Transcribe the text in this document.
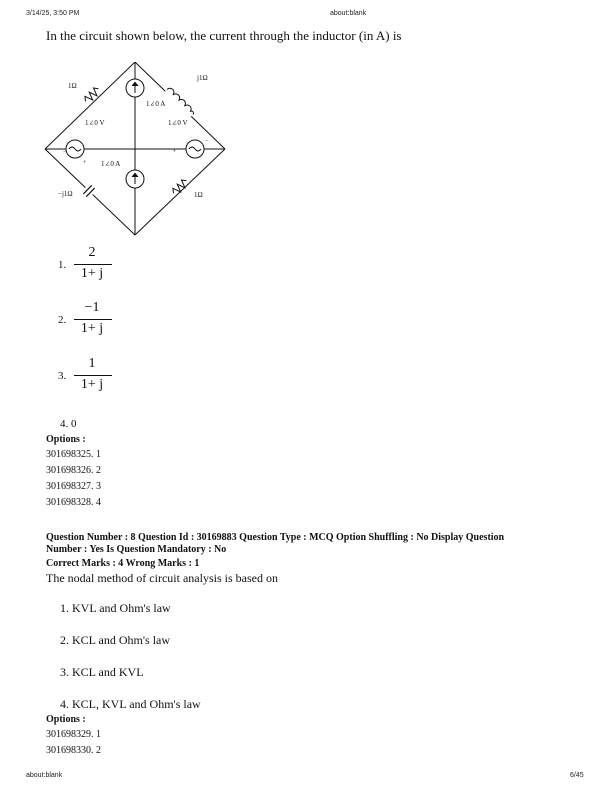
3/14/25, 3:50 PM	about:blank
In the circuit shown below, the current through the inductor (in A) is
1Ω
j1Ω
1∠0 A
1∠0 V	1∠0 V
1∠0 A
−j1Ω	1Ω
+
−	+
−
1.
2
1+ j
2.
−1
1+ j
3.
1
1+ j
4. 0
Options :
301698325. 1
301698326. 2
301698327. 3
301698328. 4
Question Number : 8 Question Id : 30169883 Question Type : MCQ Option Shuffling : No Display Question
Number : Yes Is Question Mandatory : No
Correct Marks : 4 Wrong Marks : 1
The nodal method of circuit analysis is based on
1. KVL and Ohm's law
2. KCL and Ohm's law
3. KCL and KVL
4. KCL, KVL and Ohm's law
Options :
301698329. 1
301698330. 2
about:blank	6/45
